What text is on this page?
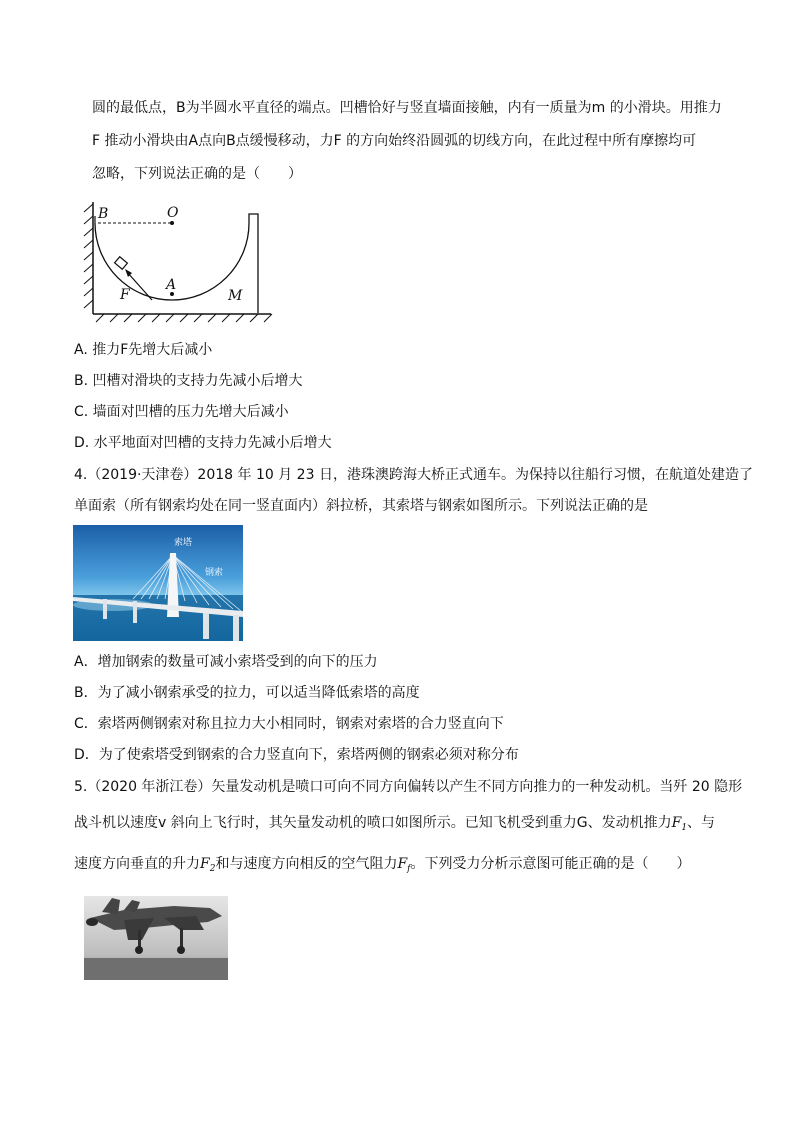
圆的最低点，B为半圆水平直径的端点。凹槽恰好与竖直墙面接触，内有一质量为m 的小滑块。用推力
F 推动小滑块由A点向B点缓慢移动，力F 的方向始终沿圆弧的切线方向，在此过程中所有摩擦均可
忽略，下列说法正确的是（　　）
B	O
A
F	M
A. 推力F先增大后减小
B. 凹槽对滑块的支持力先减小后增大
C. 墙面对凹槽的压力先增大后减小
D. 水平地面对凹槽的支持力先减小后增大
4.（2019·天津卷）2018 年 10 月 23 日，港珠澳跨海大桥正式通车。为保持以往船行习惯，在航道处建造了
单面索（所有钢索均处在同一竖直面内）斜拉桥，其索塔与钢索如图所示。下列说法正确的是
索塔
钢索
A．增加钢索的数量可减小索塔受到的向下的压力
B．为了减小钢索承受的拉力，可以适当降低索塔的高度
C．索塔两侧钢索对称且拉力大小相同时，钢索对索塔的合力竖直向下
D．为了使索塔受到钢索的合力竖直向下，索塔两侧的钢索必须对称分布
5.（2020 年浙江卷）矢量发动机是喷口可向不同方向偏转以产生不同方向推力的一种发动机。当歼 20 隐形
战斗机以速度v 斜向上飞行时，其矢量发动机的喷口如图所示。已知飞机受到重力G、发动机推力$F_1$、与
速度方向垂直的升力$F_2$和与速度方向相反的空气阻力$F_f$。下列受力分析示意图可能正确的是（　　）
